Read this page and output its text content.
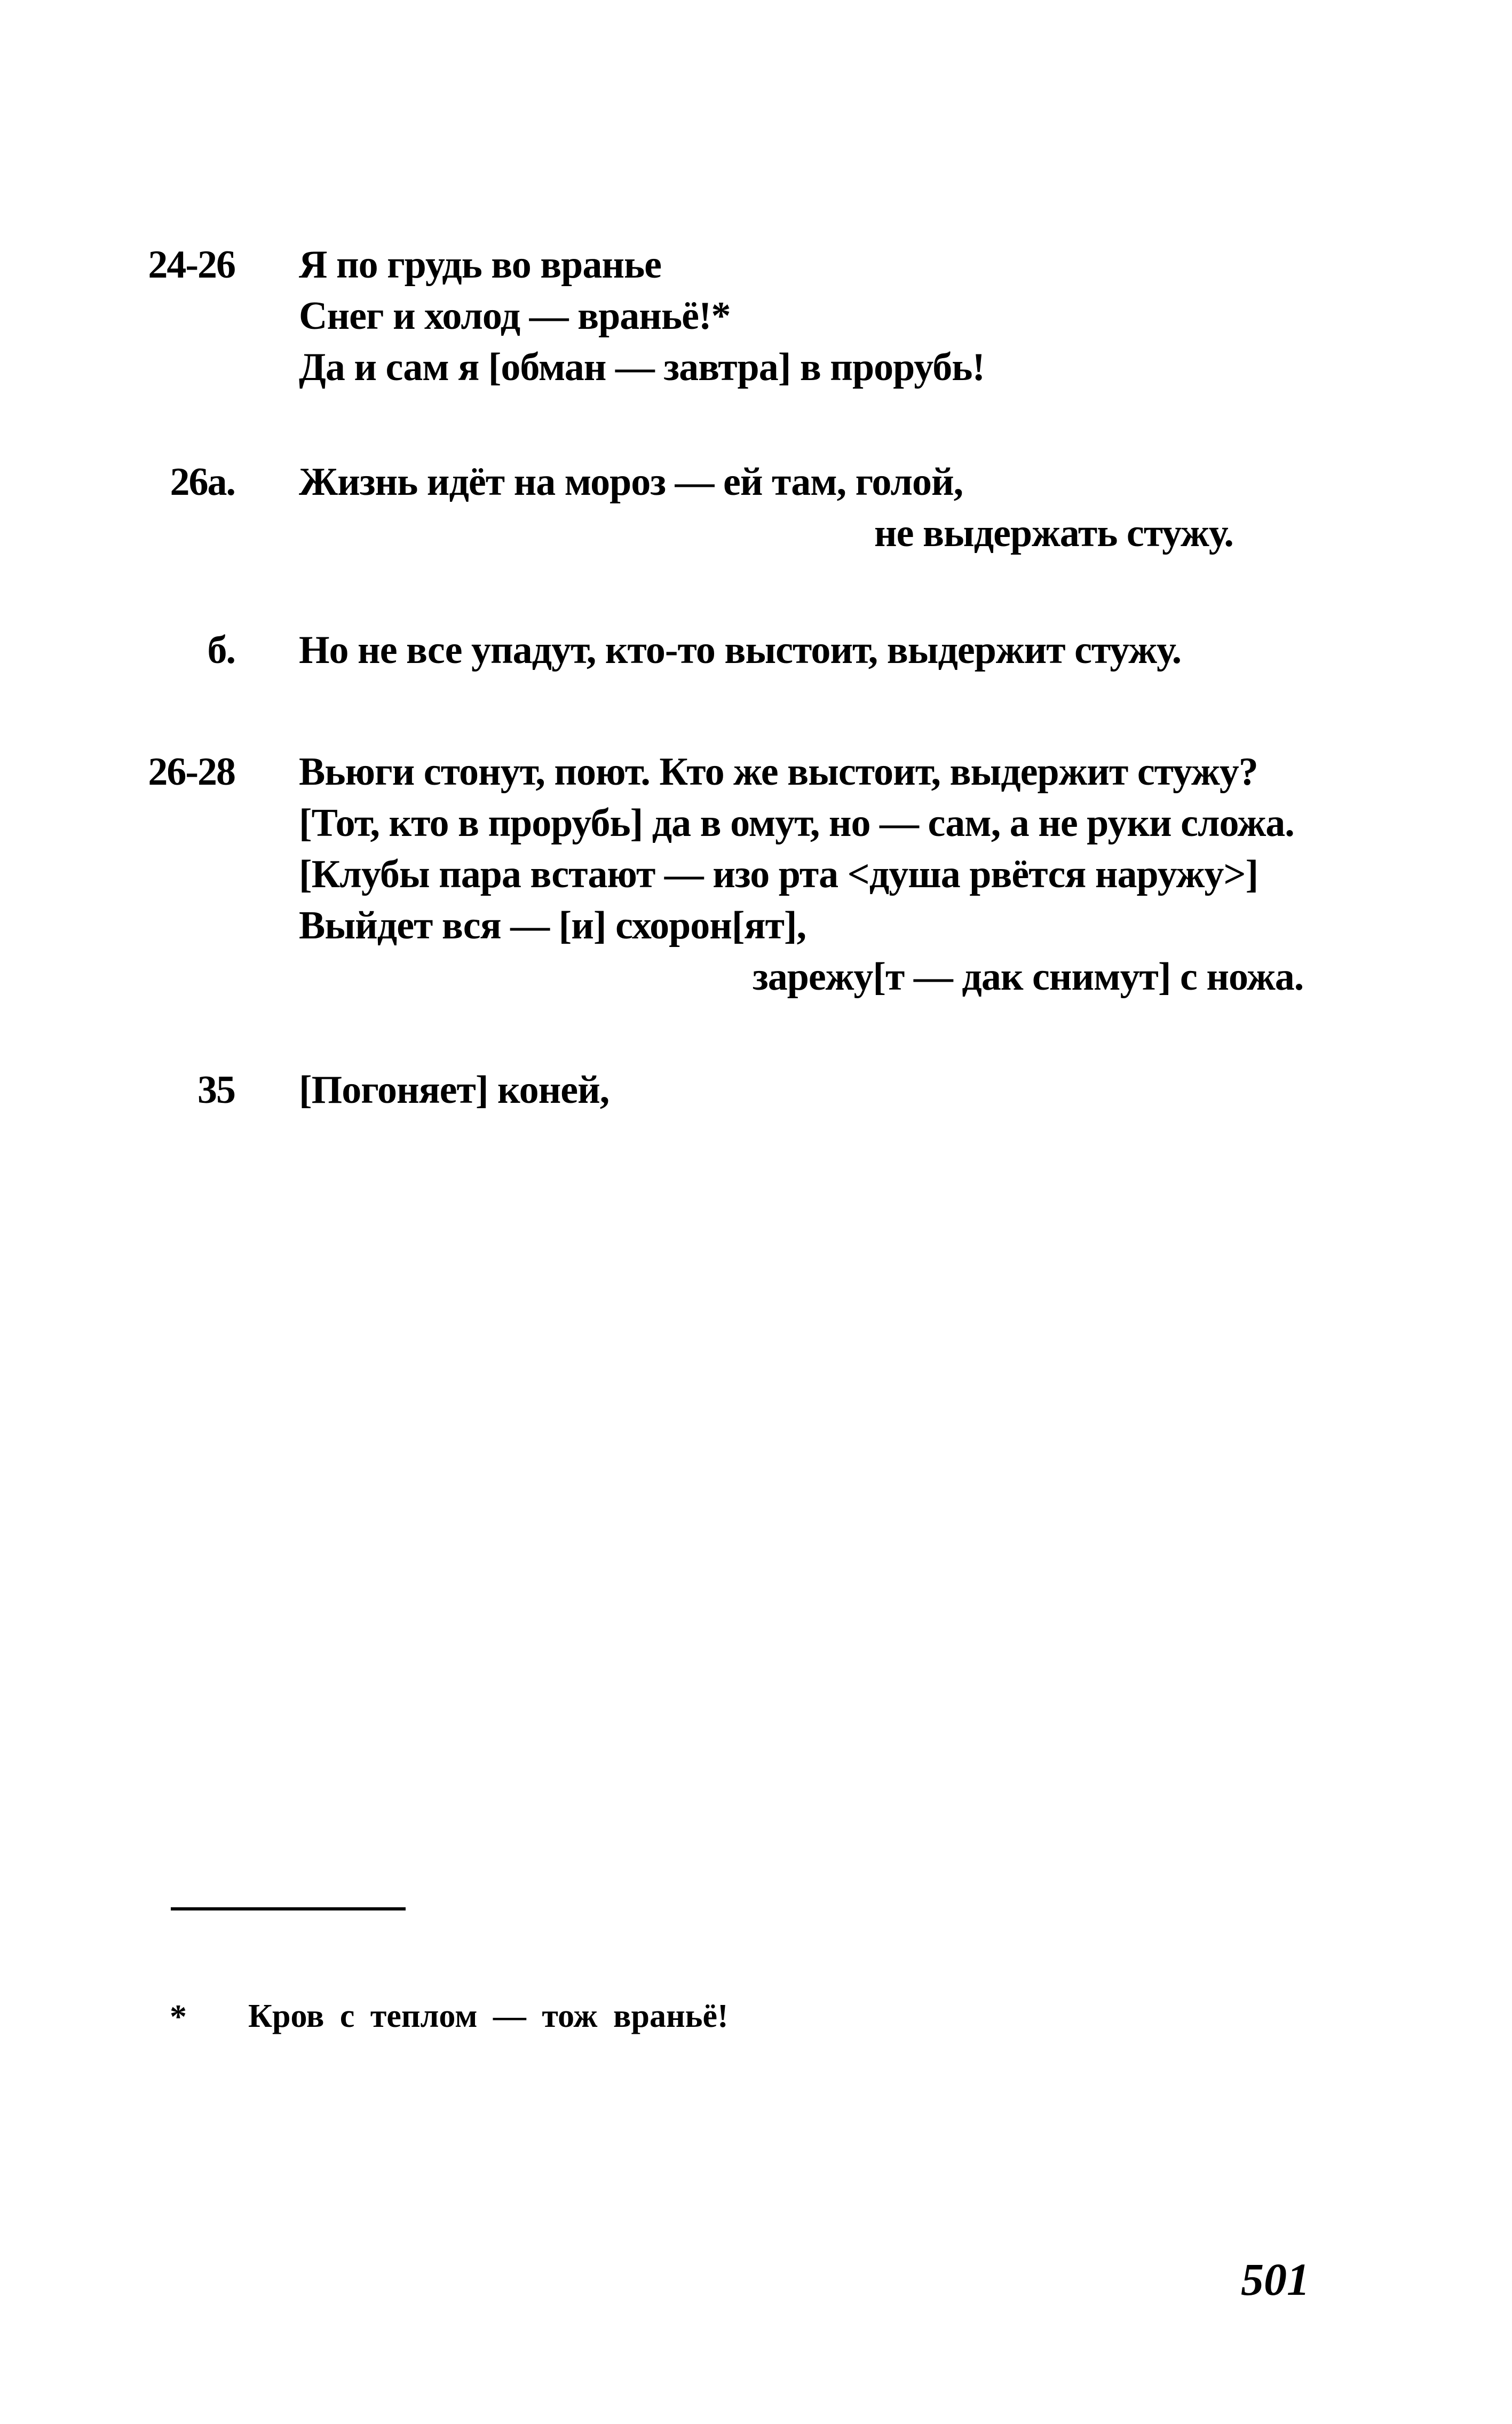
24-26 Я по грудь во вранье
Снег и холод — враньё!*
Да и сам я [обман — завтра] в прорубь!
26а. Жизнь идёт на мороз — ей там, голой,
не выдержать стужу.
б. Но не все упадут, кто-то выстоит, выдержит стужу.
26-28 Вьюги стонут, поют. Кто же выстоит, выдержит стужу?
[Тот, кто в прорубь] да в омут, но — сам, а не руки сложа.
[Клубы пара встают — изо рта <душа рвётся наружу>]
Выйдет вся — [и] схорон[ят],
зарежу[т — дак снимут] с ножа.
35 [Погоняет] коней,
* Кров с теплом — тож враньё!
501
